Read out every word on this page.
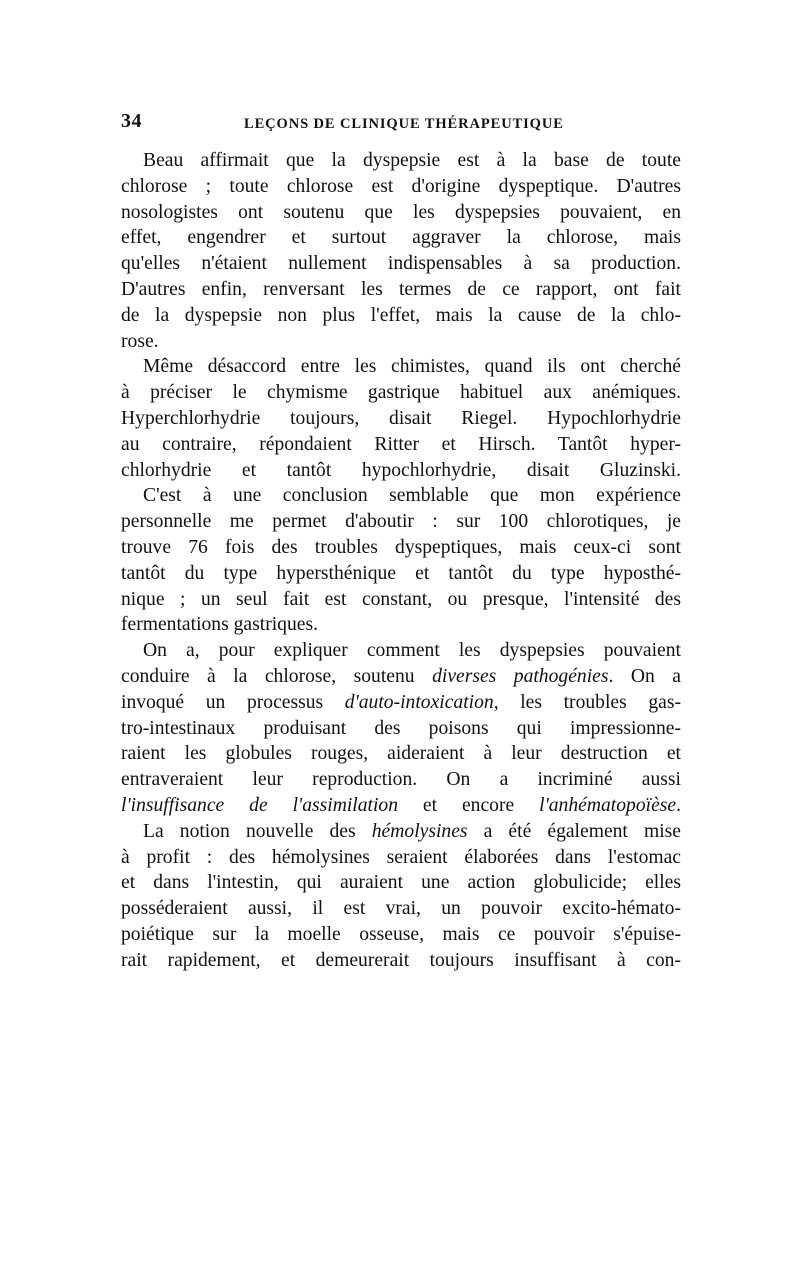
34	LEÇONS DE CLINIQUE THÉRAPEUTIQUE
Beau affirmait que la dyspepsie est à la base de toute
chlorose ; toute chlorose est d'origine dyspeptique. D'autres
nosologistes ont soutenu que les dyspepsies pouvaient, en
effet, engendrer et surtout aggraver la chlorose, mais
qu'elles n'étaient nullement indispensables à sa production.
D'autres enfin, renversant les termes de ce rapport, ont fait
de la dyspepsie non plus l'effet, mais la cause de la chlo-
rose.
Même désaccord entre les chimistes, quand ils ont cherché
à préciser le chymisme gastrique habituel aux anémiques.
Hyperchlorhydrie toujours, disait Riegel. Hypochlorhydrie
au contraire, répondaient Ritter et Hirsch. Tantôt hyper-
chlorhydrie et tantôt hypochlorhydrie, disait Gluzinski.
C'est à une conclusion semblable que mon expérience
personnelle me permet d'aboutir : sur 100 chlorotiques, je
trouve 76 fois des troubles dyspeptiques, mais ceux-ci sont
tantôt du type hypersthénique et tantôt du type hyposthé-
nique ; un seul fait est constant, ou presque, l'intensité des
fermentations gastriques.
On a, pour expliquer comment les dyspepsies pouvaient
conduire à la chlorose, soutenu diverses pathogénies. On a
invoqué un processus d'auto-intoxication, les troubles gas-
tro-intestinaux produisant des poisons qui impressionne-
raient les globules rouges, aideraient à leur destruction et
entraveraient leur reproduction. On a incriminé aussi
l'insuffisance de l'assimilation et encore l'anhématopoïèse.
La notion nouvelle des hémolysines a été également mise
à profit : des hémolysines seraient élaborées dans l'estomac
et dans l'intestin, qui auraient une action globulicide; elles
posséderaient aussi, il est vrai, un pouvoir excito-hémato-
poiétique sur la moelle osseuse, mais ce pouvoir s'épuise-
rait rapidement, et demeurerait toujours insuffisant à con-
